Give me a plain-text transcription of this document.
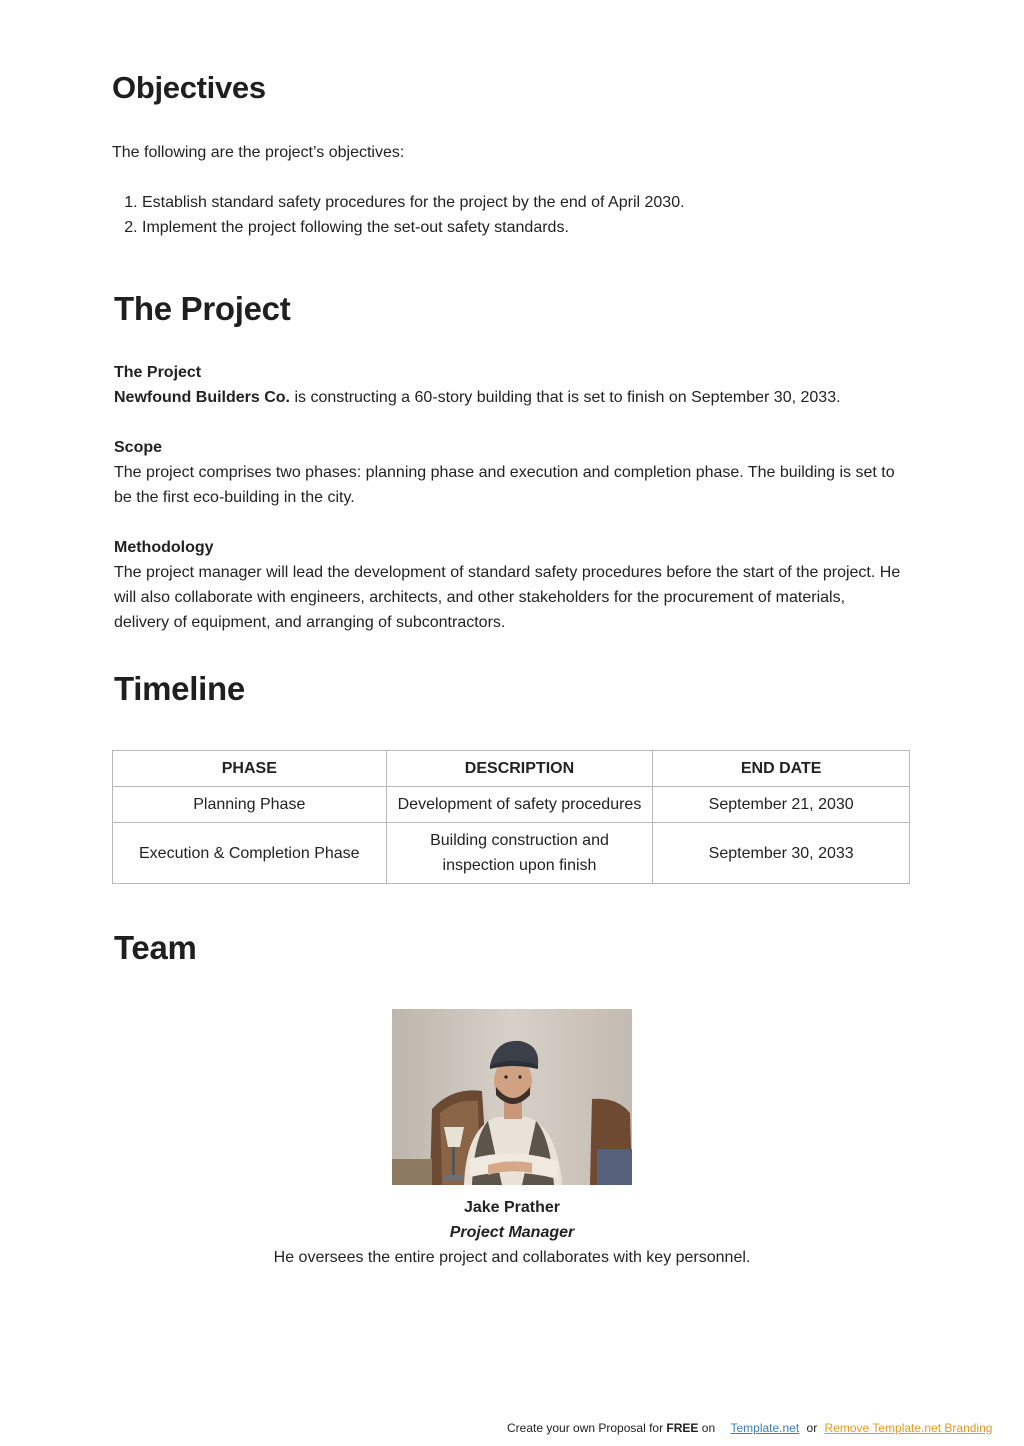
Objectives

The following are the project’s objectives:

1. Establish standard safety procedures for the project by the end of April 2030.
2. Implement the project following the set-out safety standards.
The Project
The Project
Newfound Builders Co. is constructing a 60-story building that is set to finish on September 30, 2033.
Scope
The project comprises two phases: planning phase and execution and completion phase. The building is set to be the first eco-building in the city.
Methodology
The project manager will lead the development of standard safety procedures before the start of the project. He will also collaborate with engineers, architects, and other stakeholders for the procurement of materials, delivery of equipment, and arranging of subcontractors.
Timeline
PHASE	DESCRIPTION	END DATE
Planning Phase	Development of safety procedures	September 21, 2030
Execution & Completion Phase	Building construction and inspection upon finish	September 30, 2033
Team
Jake Prather
Project Manager
He oversees the entire project and collaborates with key personnel.
Create your own Proposal for FREE on Template.net or Remove Template.net Branding
